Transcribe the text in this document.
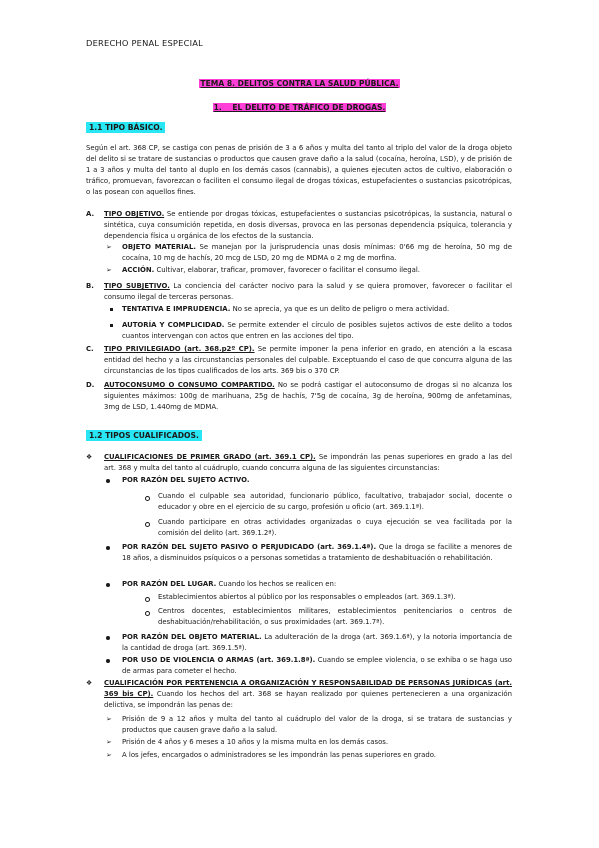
DERECHO PENAL ESPECIAL
TEMA 8. DELITOS CONTRA LA SALUD PÚBLICA.
1. EL DELITO DE TRÁFICO DE DROGAS.
1.1 TIPO BÁSICO.
Según el art. 368 CP, se castiga con penas de prisión de 3 a 6 años y multa del tanto al triplo del valor de la droga objeto del delito si se tratare de sustancias o productos que causen grave daño a la salud (cocaína, heroína, LSD), y de prisión de 1 a 3 años y multa del tanto al duplo en los demás casos (cannabis), a quienes ejecuten actos de cultivo, elaboración o tráfico, promuevan, favorezcan o faciliten el consumo ilegal de drogas tóxicas, estupefacientes o sustancias psicotrópicas, o las posean con aquellos fines.
A. TIPO OBJETIVO. Se entiende por drogas tóxicas, estupefacientes o sustancias psicotrópicas, la sustancia, natural o sintética, cuya consumición repetida, en dosis diversas, provoca en las personas dependencia psíquica, tolerancia y dependencia física u orgánica de los efectos de la sustancia.
➢ OBJETO MATERIAL. Se manejan por la jurisprudencia unas dosis mínimas: 0'66 mg de heroína, 50 mg de cocaína, 10 mg de hachís, 20 mcg de LSD, 20 mg de MDMA o 2 mg de morfina.
➢ ACCIÓN. Cultivar, elaborar, traficar, promover, favorecer o facilitar el consumo ilegal.
B. TIPO SUBJETIVO. La conciencia del carácter nocivo para la salud y se quiera promover, favorecer o facilitar el consumo ilegal de terceras personas.
TENTATIVA E IMPRUDENCIA. No se aprecia, ya que es un delito de peligro o mera actividad.
AUTORÍA Y COMPLICIDAD. Se permite extender el círculo de posibles sujetos activos de este delito a todos cuantos intervengan con actos que entren en las acciones del tipo.
C. TIPO PRIVILEGIADO (art. 368.p2º CP). Se permite imponer la pena inferior en grado, en atención a la escasa entidad del hecho y a las circunstancias personales del culpable. Exceptuando el caso de que concurra alguna de las circunstancias de los tipos cualificados de los arts. 369 bis o 370 CP.
D. AUTOCONSUMO O CONSUMO COMPARTIDO. No se podrá castigar el autoconsumo de drogas si no alcanza los siguientes máximos: 100g de marihuana, 25g de hachís, 7'5g de cocaína, 3g de heroína, 900mg de anfetaminas, 3mg de LSD, 1.440mg de MDMA.
1.2 TIPOS CUALIFICADOS.
❖ CUALIFICACIONES DE PRIMER GRADO (art. 369.1 CP). Se impondrán las penas superiores en grado a las del art. 368 y multa del tanto al cuádruplo, cuando concurra alguna de las siguientes circunstancias:
POR RAZÓN DEL SUJETO ACTIVO.
Cuando el culpable sea autoridad, funcionario público, facultativo, trabajador social, docente o educador y obre en el ejercicio de su cargo, profesión u oficio (art. 369.1.1ª).
Cuando participare en otras actividades organizadas o cuya ejecución se vea facilitada por la comisión del delito (art. 369.1.2ª).
POR RAZÓN DEL SUJETO PASIVO O PERJUDICADO (art. 369.1.4ª). Que la droga se facilite a menores de 18 años, a disminuidos psíquicos o a personas sometidas a tratamiento de deshabituación o rehabilitación.
POR RAZÓN DEL LUGAR. Cuando los hechos se realicen en:
Establecimientos abiertos al público por los responsables o empleados (art. 369.1.3ª).
Centros docentes, establecimientos militares, establecimientos penitenciarios o centros de deshabituación/rehabilitación, o sus proximidades (art. 369.1.7ª).
POR RAZÓN DEL OBJETO MATERIAL. La adulteración de la droga (art. 369.1.6ª), y la notoria importancia de la cantidad de droga (art. 369.1.5ª).
POR USO DE VIOLENCIA O ARMAS (art. 369.1.8ª). Cuando se emplee violencia, o se exhiba o se haga uso de armas para cometer el hecho.
❖ CUALIFICACIÓN POR PERTENENCIA A ORGANIZACIÓN Y RESPONSABILIDAD DE PERSONAS JURÍDICAS (art. 369 bis CP). Cuando los hechos del art. 368 se hayan realizado por quienes pertenecieren a una organización delictiva, se impondrán las penas de:
➢ Prisión de 9 a 12 años y multa del tanto al cuádruplo del valor de la droga, si se tratara de sustancias y productos que causen grave daño a la salud.
➢ Prisión de 4 años y 6 meses a 10 años y la misma multa en los demás casos.
➢ A los jefes, encargados o administradores se les impondrán las penas superiores en grado.
